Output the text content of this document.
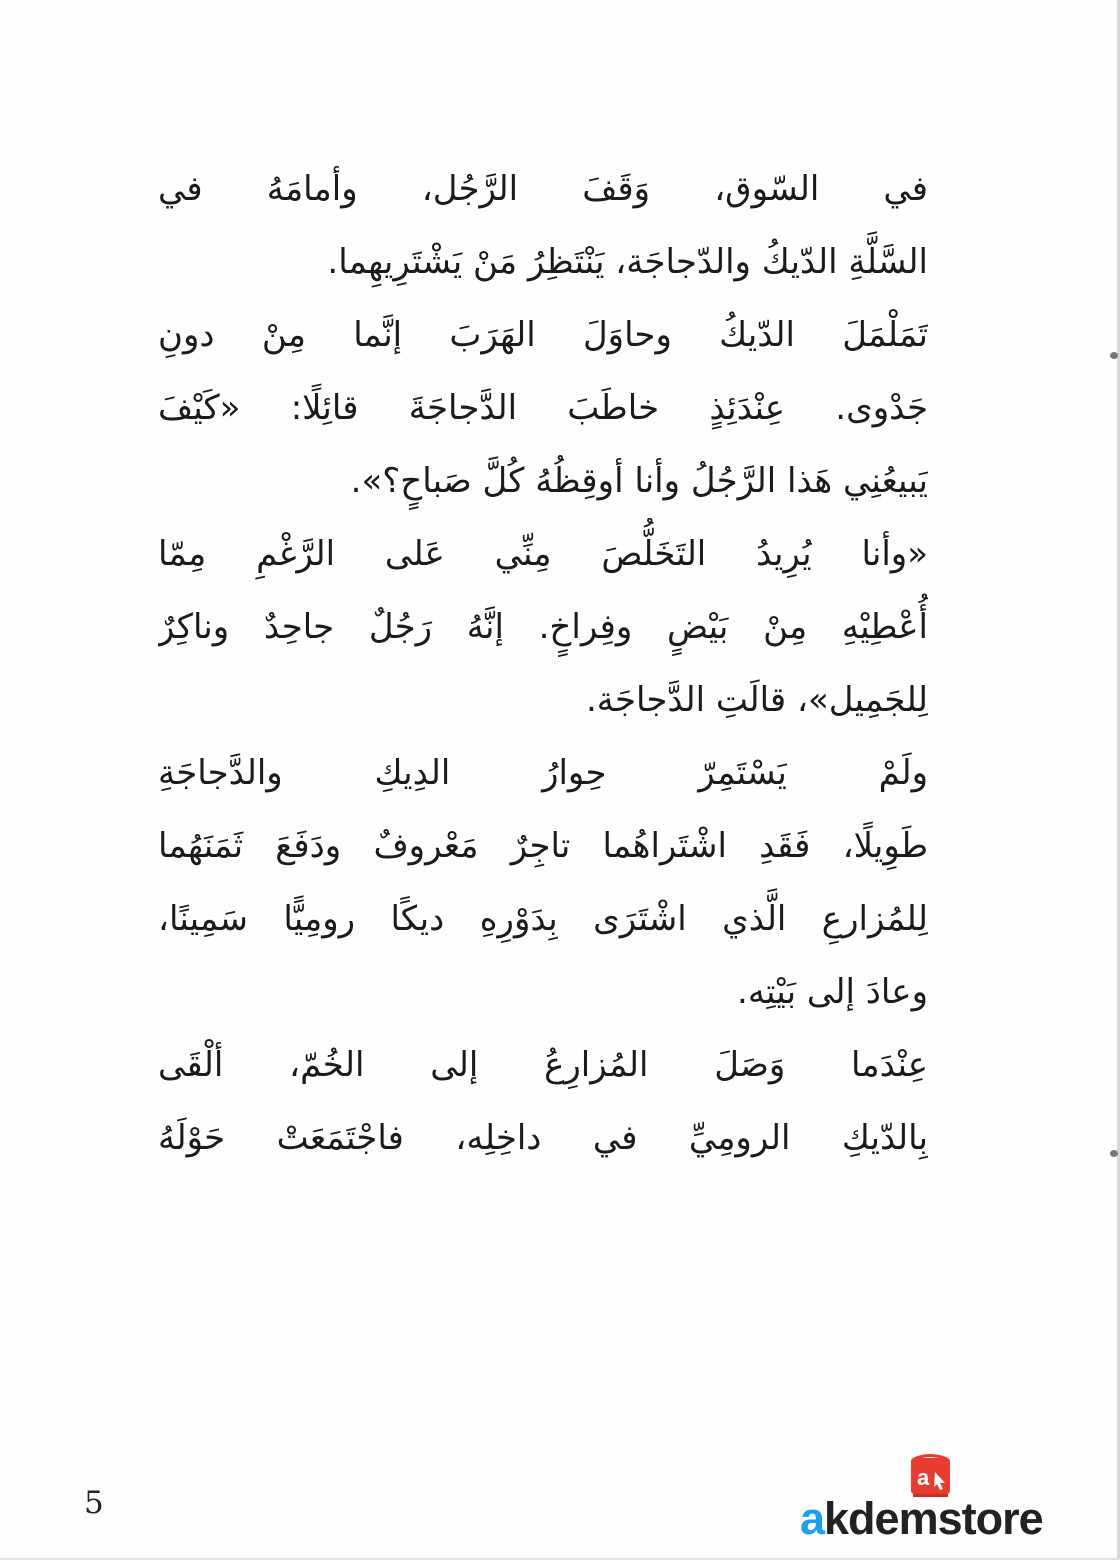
في السّوق، وَقَفَ الرَّجُل، وأمامَهُ في
السَّلَّةِ الدّيكُ والدّجاجَة، يَنْتَظِرُ مَنْ يَشْتَرِيهِما.
تَمَلْمَلَ الدّيكُ وحاوَلَ الهَرَبَ إنَّما مِنْ دونِ
جَدْوى. عِنْدَئِذٍ خاطَبَ الدَّجاجَةَ قائِلًا: «كَيْفَ
يَبيعُنِي هَذا الرَّجُلُ وأنا أوقِظُهُ كُلَّ صَباحٍ؟».
«وأنا يُرِيدُ التَخَلُّصَ مِنِّي عَلى الرَّغْمِ مِمّا
أُعْطِيْهِ مِنْ بَيْضٍ وفِراخٍ. إنَّهُ رَجُلٌ جاحِدٌ وناكِرٌ
لِلجَمِيل»، قالَتِ الدَّجاجَة.
ولَمْ يَسْتَمِرّ حِوارُ الدِيكِ والدَّجاجَةِ
طَوِيلًا، فَقَدِ اشْتَراهُما تاجِرٌ مَعْروفٌ ودَفَعَ ثَمَنَهُما
لِلمُزارعِ الَّذي اشْتَرَى بِدَوْرِهِ ديكًا رومِيًّا سَمِينًا،
وعادَ إلى بَيْتِه.
عِنْدَما وَصَلَ المُزارِعُ إلى الخُمّ، ألْقَى
بِالدّيكِ الرومِيِّ في داخِلِه، فاجْتَمَعَتْ حَوْلَهُ
5
a
akdemstore
